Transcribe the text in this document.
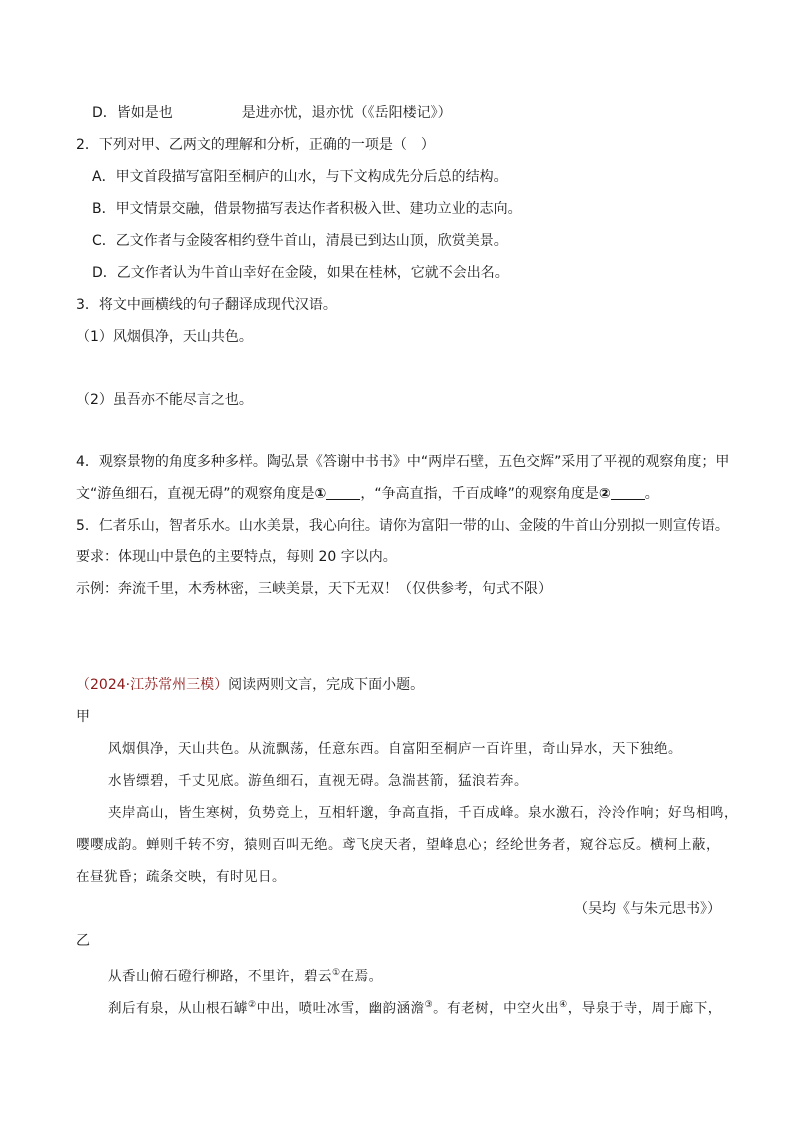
D．皆如是也	是进亦忧，退亦忧（《岳阳楼记》）
2．下列对甲、乙两文的理解和分析，正确的一项是（　）
A．甲文首段描写富阳至桐庐的山水，与下文构成先分后总的结构。
B．甲文情景交融，借景物描写表达作者积极入世、建功立业的志向。
C．乙文作者与金陵客相约登牛首山，清晨已到达山顶，欣赏美景。
D．乙文作者认为牛首山幸好在金陵，如果在桂林，它就不会出名。
3．将文中画横线的句子翻译成现代汉语。
（1）风烟俱净，天山共色。
（2）虽吾亦不能尽言之也。
4．观察景物的角度多种多样。陶弘景《答谢中书书》中“两岸石壁，五色交辉”采用了平视的观察角度；甲
文“游鱼细石，直视无碍”的观察角度是① ，“争高直指，千百成峰”的观察角度是② 。
5．仁者乐山，智者乐水。山水美景，我心向往。请你为富阳一带的山、金陵的牛首山分别拟一则宣传语。
要求：体现山中景色的主要特点，每则 20 字以内。
示例：奔流千里，木秀林密，三峡美景，天下无双！（仅供参考，句式不限）
（2024·江苏常州三模）阅读两则文言，完成下面小题。
甲
风烟俱净，天山共色。从流飘荡，任意东西。自富阳至桐庐一百许里，奇山异水，天下独绝。
水皆缥碧，千丈见底。游鱼细石，直视无碍。急湍甚箭，猛浪若奔。
夹岸高山，皆生寒树，负势竞上，互相轩邈，争高直指，千百成峰。泉水激石，泠泠作响；好鸟相鸣，
嘤嘤成韵。蝉则千转不穷，猿则百叫无绝。鸢飞戾天者，望峰息心；经纶世务者，窥谷忘反。横柯上蔽，
在昼犹昏；疏条交映，有时见日。
（吴均《与朱元思书》）
乙
从香山俯石磴行柳路，不里许，碧云①在焉。
刹后有泉，从山根石罅②中出，喷吐冰雪，幽韵涵澹③。有老树，中空火出④，导泉于寺，周于廊下，
